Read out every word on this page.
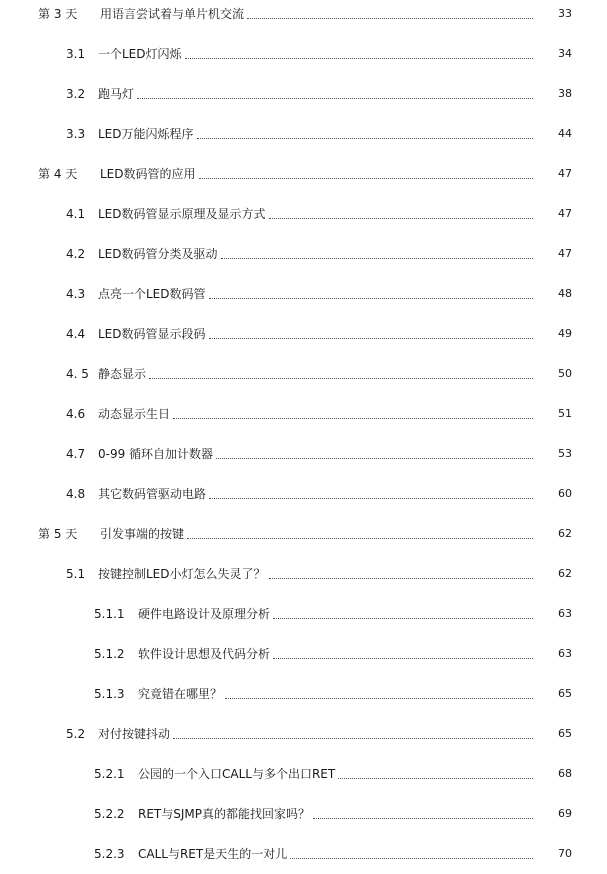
第 3 天	用语言尝试着与单片机交流	33
3.1	一个LED灯闪烁	34
3.2	跑马灯	38
3.3	LED万能闪烁程序	44
第 4 天	LED数码管的应用	47
4.1	LED数码管显示原理及显示方式	47
4.2	LED数码管分类及驱动	47
4.3	点亮一个LED数码管	48
4.4	LED数码管显示段码	49
4. 5 静态显示	50
4.6	动态显示生日	51
4.7	0-99 循环自加计数器	53
4.8	其它数码管驱动电路	60
第 5 天	引发事端的按键	62
5.1	按键控制LED小灯怎么失灵了？	62
5.1.1	硬件电路设计及原理分析	63
5.1.2	软件设计思想及代码分析	63
5.1.3	究竟错在哪里？	65
5.2	对付按键抖动	65
5.2.1	公园的一个入口CALL与多个出口RET	68
5.2.2	RET与SJMP真的都能找回家吗？	69
5.2.3	CALL与RET是天生的一对儿	70
